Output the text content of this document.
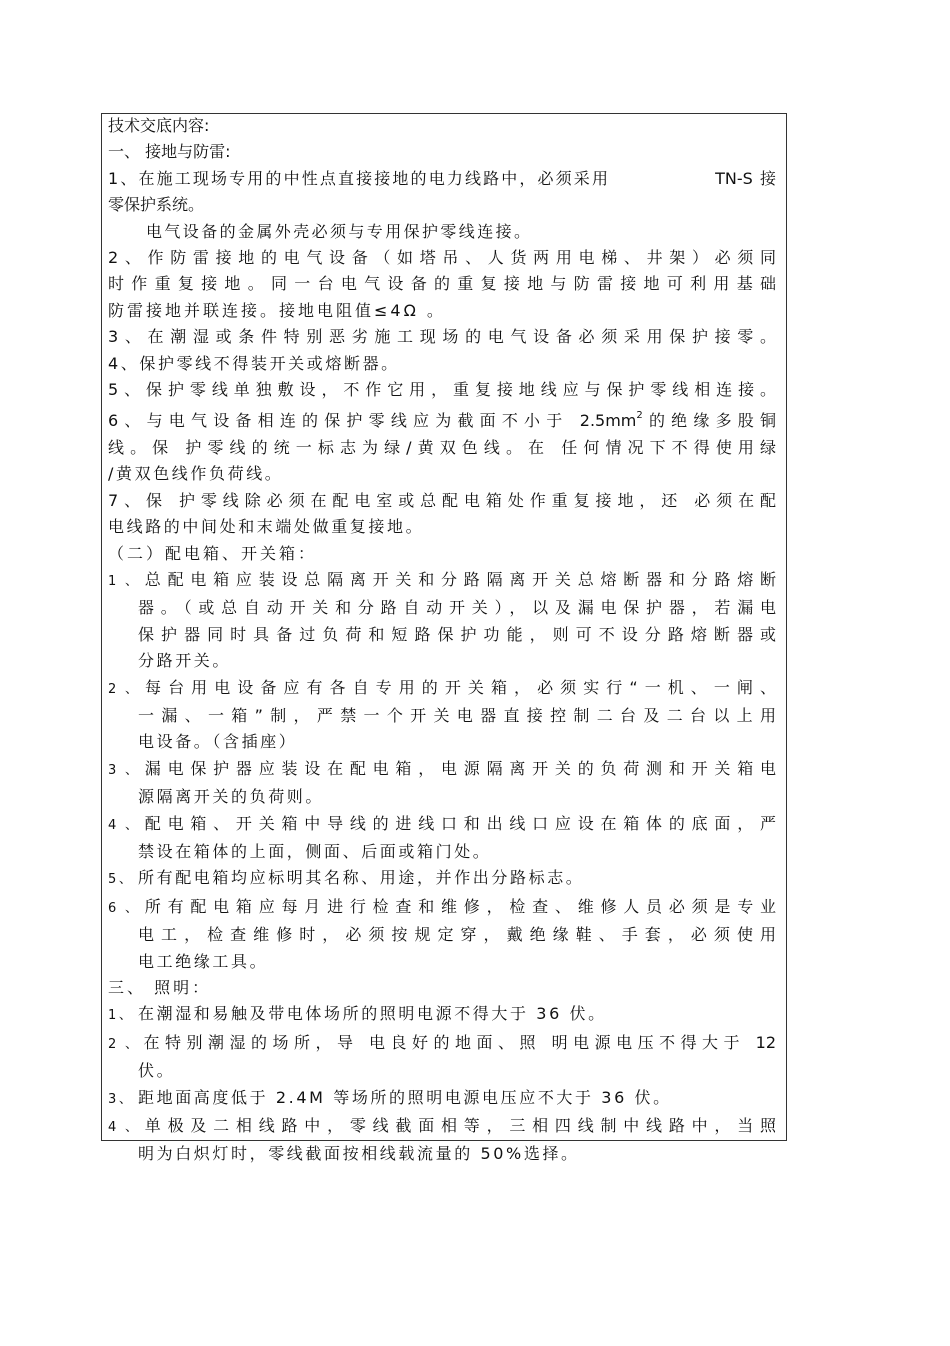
技术交底内容:
一、 接地与防雷:
1、在施工现场专用的中性点直接接地的电力线路中，必须采用	TN-S 接
零保护系统。
电气设备的金属外壳必须与专用保护零线连接。
2、作防雷接地的电气设备（如塔吊、人货两用电梯、井架）必须同
时作重复接地。同一台电气设备的重复接地与防雷接地可利用基础
防雷接地并联连接。接地电阻值≤4Ω 。
3、在潮湿或条件特别恶劣施工现场的电气设备必须采用保护接零。
4、保护零线不得装开关或熔断器。
5、保护零线单独敷设，不作它用，重复接地线应与保护零线相连接。
6、与电气设备相连的保护零线应为截面不小于 $2.5mm^2$的绝缘多股铜
线。保 护零线的统一标志为绿/黄双色线。在 任何情况下不得使用绿
/黄双色线作负荷线。
7、保 护零线除必须在配电室或总配电箱处作重复接地，还 必须在配
电线路的中间处和末端处做重复接地。
（二）配电箱、开关箱：
1、总配电箱应装设总隔离开关和分路隔离开关总熔断器和分路熔断
器。（或总自动开关和分路自动开关），以及漏电保护器，若漏电
保护器同时具备过负荷和短路保护功能，则可不设分路熔断器或
分路开关。
2、每台用电设备应有各自专用的开关箱，必须实行“一机、一闸、
一漏、一箱”制，严禁一个开关电器直接控制二台及二台以上用
电设备。（含插座）
3、漏电保护器应装设在配电箱，电源隔离开关的负荷测和开关箱电
源隔离开关的负荷则。
4、配电箱、开关箱中导线的进线口和出线口应设在箱体的底面，严
禁设在箱体的上面，侧面、后面或箱门处。
5、 所有配电箱均应标明其名称、用途，并作出分路标志。
6、所有配电箱应每月进行检查和维修，检查、维修人员必须是专业
电工，检查维修时，必须按规定穿，戴绝缘鞋、手套，必须使用
电工绝缘工具。
三、 照明：
1、 在潮湿和易触及带电体场所的照明电源不得大于 36 伏。
2、在特别潮湿的场所，导 电良好的地面、照 明电源电压不得大于 12
伏。
3、 距地面高度低于 2.4M 等场所的照明电源电压应不大于 36 伏。
4、单极及二相线路中，零线截面相等，三相四线制中线路中，当照
明为白炽灯时，零线截面按相线载流量的 50%选择。
